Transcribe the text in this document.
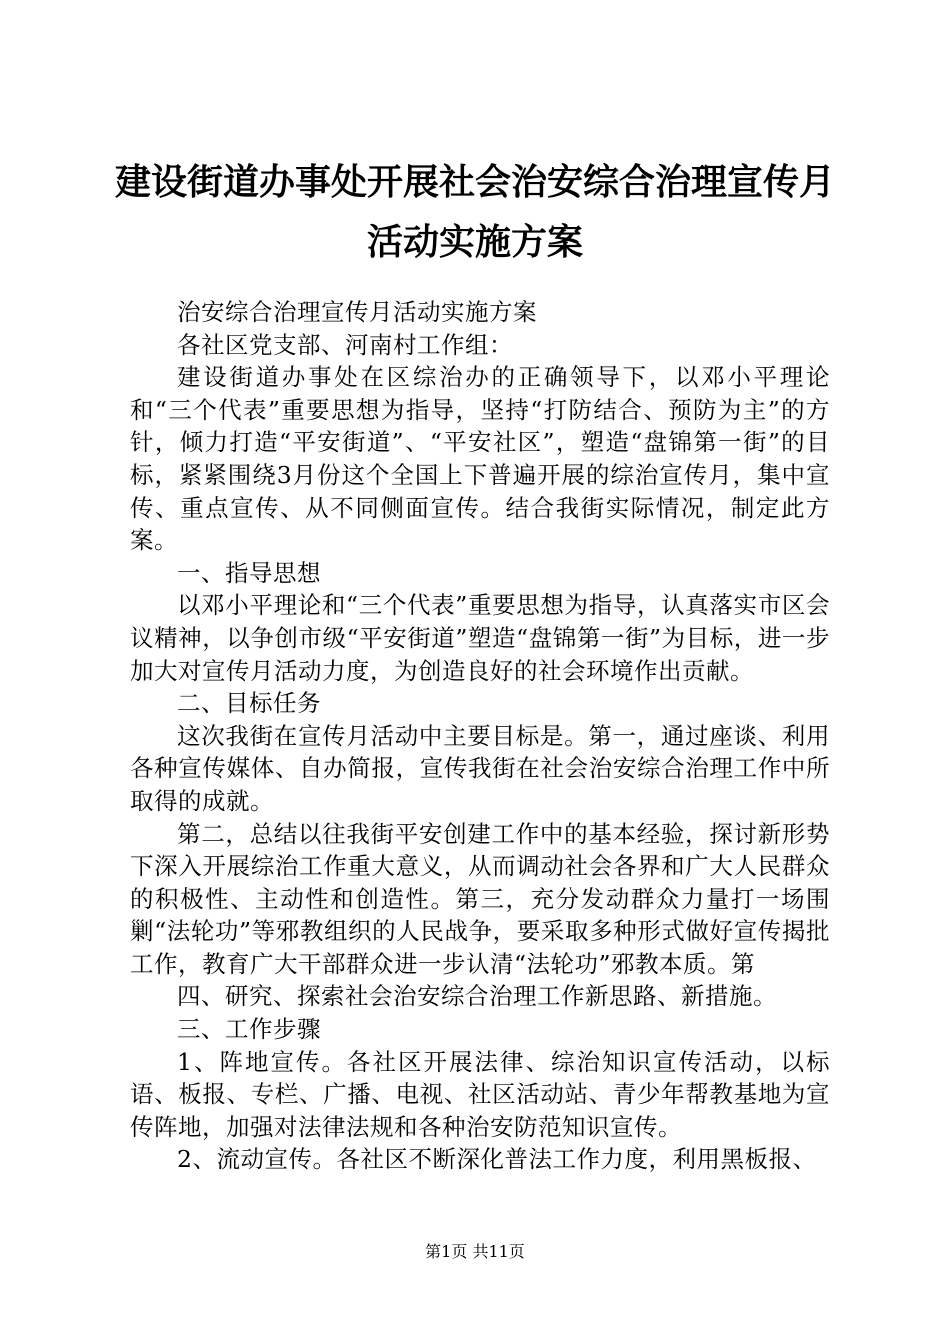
建设街道办事处开展社会治安综合治理宣传月
活动实施方案

治安综合治理宣传月活动实施方案

各社区党支部、河南村工作组：

建设街道办事处在区综治办的正确领导下，以邓小平理论和“三个代表”重要思想为指导，坚持“打防结合、预防为主”的方针，倾力打造“平安街道”、“平安社区”，塑造“盘锦第一街”的目标，紧紧围绕3月份这个全国上下普遍开展的综治宣传月，集中宣传、重点宣传、从不同侧面宣传。结合我街实际情况，制定此方案。

一、指导思想

以邓小平理论和“三个代表”重要思想为指导，认真落实市区会议精神，以争创市级“平安街道”塑造“盘锦第一街”为目标，进一步加大对宣传月活动力度，为创造良好的社会环境作出贡献。

二、目标任务

这次我街在宣传月活动中主要目标是。第一，通过座谈、利用各种宣传媒体、自办简报，宣传我街在社会治安综合治理工作中所取得的成就。

第二，总结以往我街平安创建工作中的基本经验，探讨新形势下深入开展综治工作重大意义，从而调动社会各界和广大人民群众的积极性、主动性和创造性。第三，充分发动群众力量打一场围剿“法轮功”等邪教组织的人民战争，要采取多种形式做好宣传揭批工作，教育广大干部群众进一步认清“法轮功”邪教本质。第

四、研究、探索社会治安综合治理工作新思路、新措施。

三、工作步骤

1、阵地宣传。各社区开展法律、综治知识宣传活动，以标语、板报、专栏、广播、电视、社区活动站、青少年帮教基地为宣传阵地，加强对法律法规和各种治安防范知识宣传。

2、流动宣传。各社区不断深化普法工作力度，利用黑板报、

第1页 共11页
